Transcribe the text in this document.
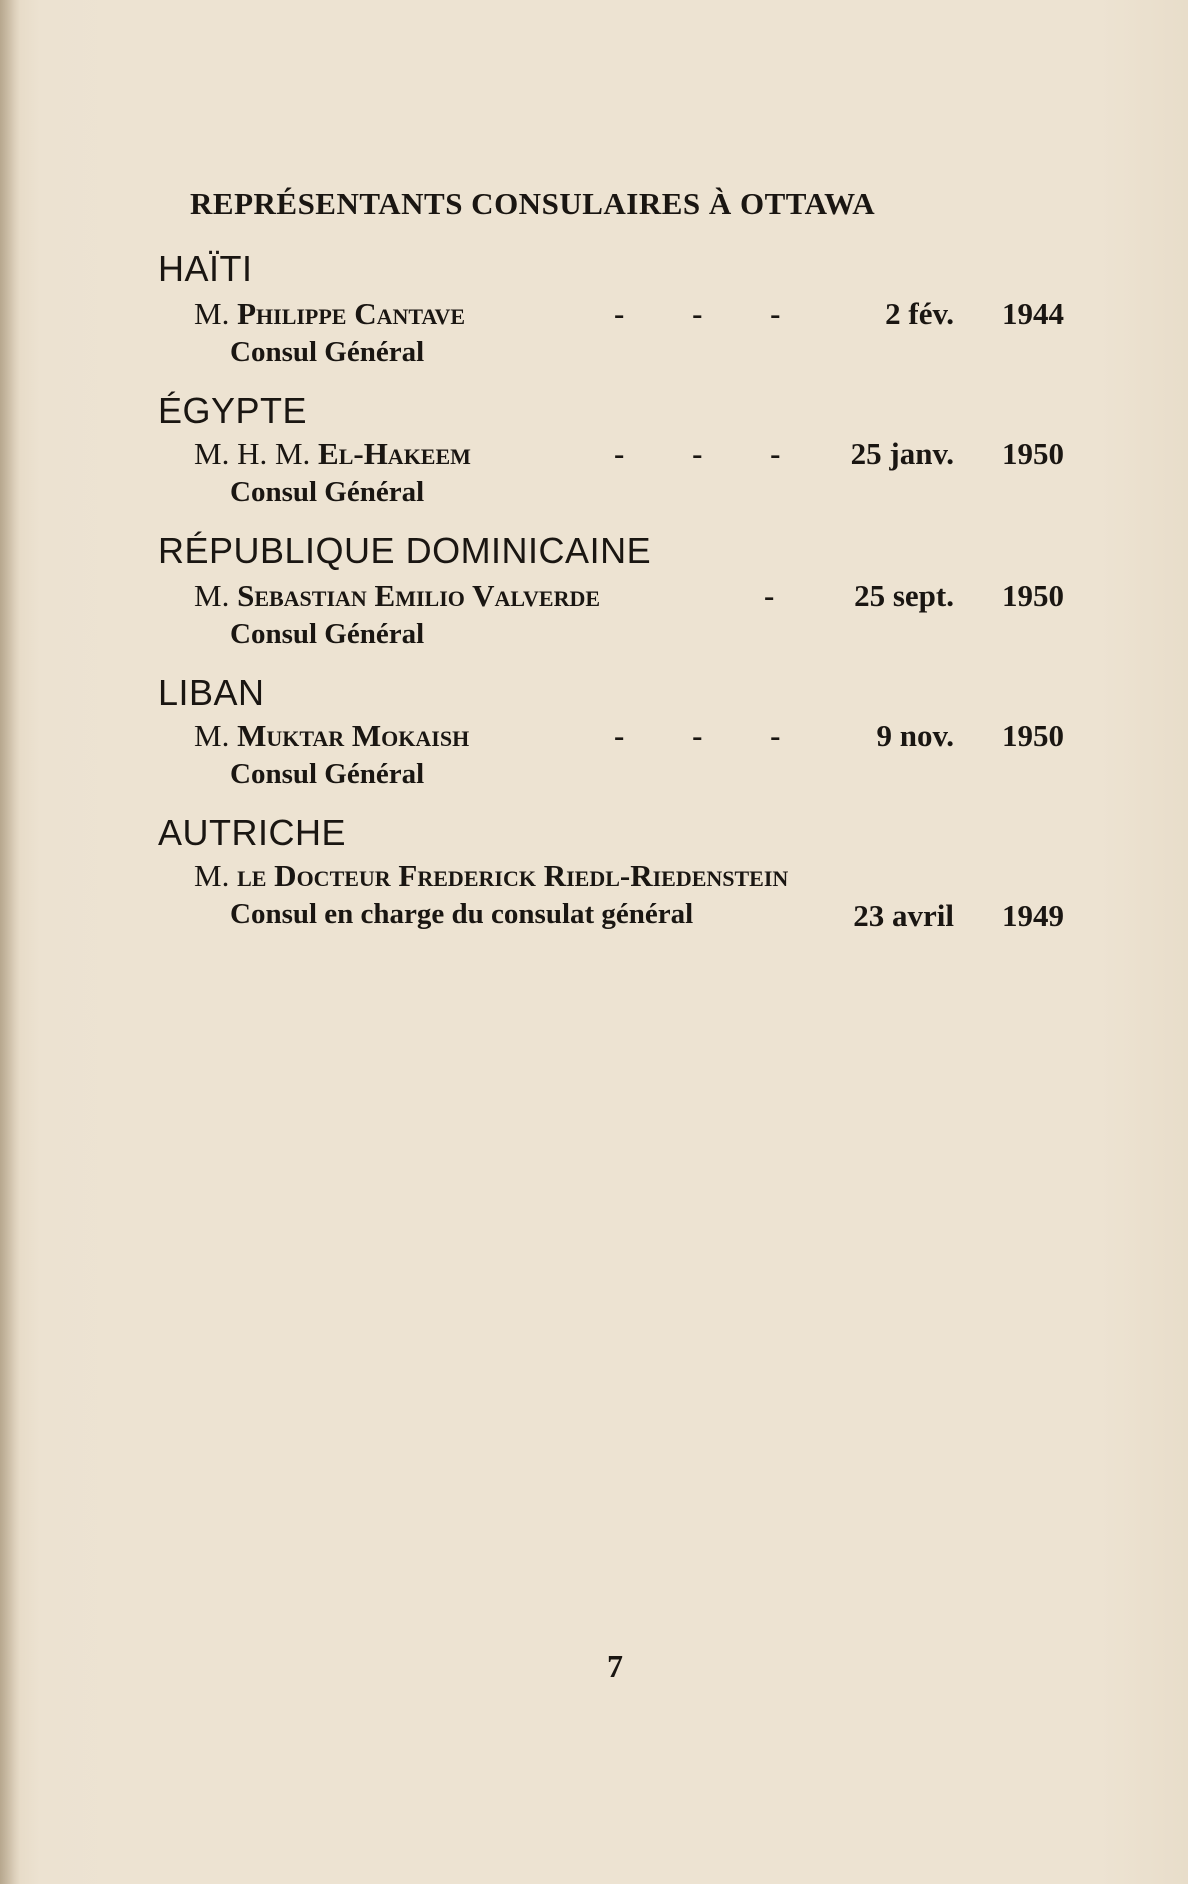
REPRÉSENTANTS CONSULAIRES À OTTAWA
HAÏTI
M. Philippe Cantave	- - - 2 fév. 1944
Consul Général
ÉGYPTE
M. H. M. El-Hakeem	- - - 25 janv. 1950
Consul Général
RÉPUBLIQUE DOMINICAINE
M. Sebastian Emilio Valverde	- 25 sept. 1950
Consul Général
LIBAN
M. Muktar Mokaish	- - - 9 nov. 1950
Consul Général
AUTRICHE
M. le Docteur Frederick Riedl-Riedenstein
Consul en charge du consulat général	23 avril 1949
7
